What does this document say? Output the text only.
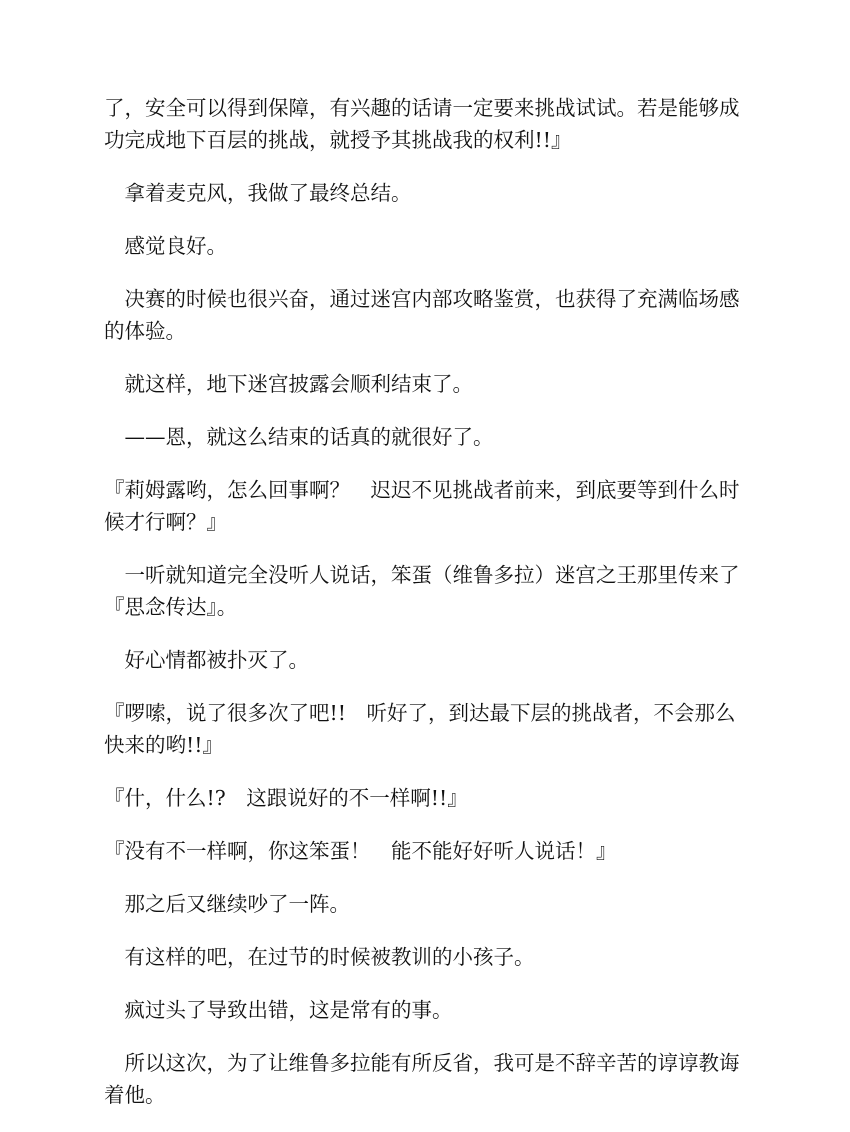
了，安全可以得到保障，有兴趣的话请一定要来挑战试试。若是能够成功完成地下百层的挑战，就授予其挑战我的权利!!』

　拿着麦克风，我做了最终总结。

　感觉良好。

　决赛的时候也很兴奋，通过迷宫内部攻略鉴赏，也获得了充满临场感的体验。

　就这样，地下迷宫披露会顺利结束了。

　——恩，就这么结束的话真的就很好了。

『莉姆露哟，怎么回事啊？　迟迟不见挑战者前来，到底要等到什么时候才行啊？』

　一听就知道完全没听人说话，笨蛋（维鲁多拉）迷宫之王那里传来了『思念传达』。

　好心情都被扑灭了。

『啰嗦，说了很多次了吧!!　听好了，到达最下层的挑战者，不会那么快来的哟!!』

『什，什么!?　这跟说好的不一样啊!!』

『没有不一样啊，你这笨蛋！　能不能好好听人说话！』

　那之后又继续吵了一阵。

　有这样的吧，在过节的时候被教训的小孩子。

　疯过头了导致出错，这是常有的事。

　所以这次，为了让维鲁多拉能有所反省，我可是不辞辛苦的谆谆教诲着他。
